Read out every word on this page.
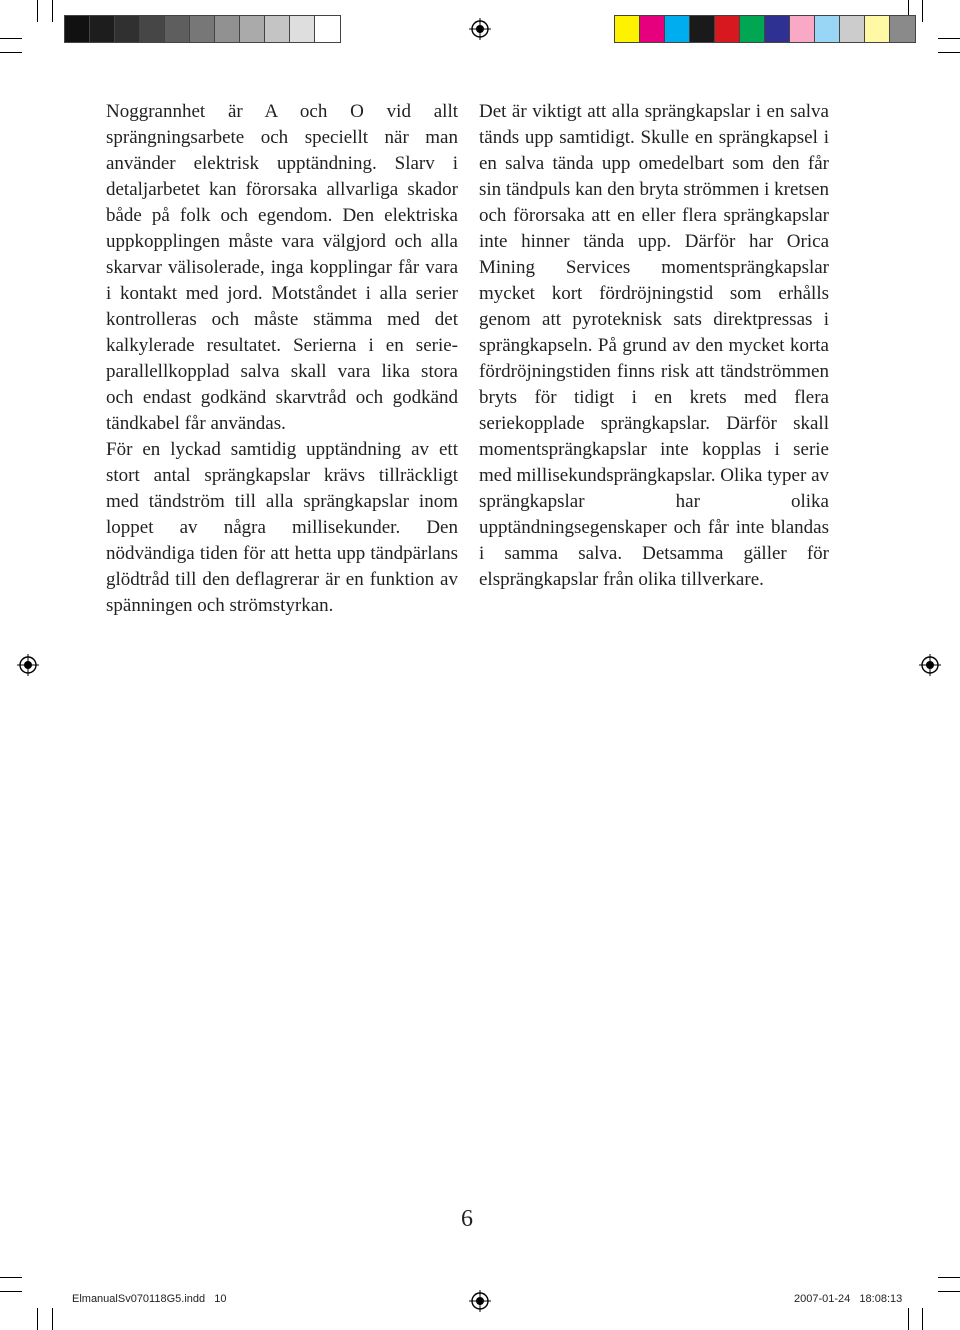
Noggrannhet är A och O vid allt sprängningsarbete och speciellt när man använder elektrisk upptändning. Slarv i detaljarbetet kan förorsaka allvarliga skador både på folk och egendom. Den elektriska uppkopplingen måste vara välgjord och alla skarvar välisolerade, inga kopplingar får vara i kontakt med jord. Motståndet i alla serier kontrolleras och måste stämma med det kalkylerade resultatet. Serierna i en serie-parallellkopplad salva skall vara lika stora och endast godkänd skarvtråd och godkänd tändkabel får användas.

För en lyckad samtidig upptändning av ett stort antal sprängkapslar krävs tillräckligt med tändström till alla sprängkapslar inom loppet av några millisekunder. Den nödvändiga tiden för att hetta upp tändpärlans glödtråd till den deflagrerar är en funktion av spänningen och strömstyrkan.

Det är viktigt att alla sprängkapslar i en salva tänds upp samtidigt. Skulle en sprängkapsel i en salva tända upp omedelbart som den får sin tändpuls kan den bryta strömmen i kretsen och förorsaka att en eller flera sprängkapslar inte hinner tända upp. Därför har Orica Mining Services momentsprängkapslar mycket kort fördröjningstid som erhålls genom att pyroteknisk sats direktpressas i sprängkapseln. På grund av den mycket korta fördröjningstiden finns risk att tändströmmen bryts för tidigt i en krets med flera seriekopplade sprängkapslar. Därför skall momentsprängkapslar inte kopplas i serie med millisekundsprängkapslar. Olika typer av sprängkapslar har olika upptändningsegenskaper och får inte blandas i samma salva. Detsamma gäller för elsprängkapslar från olika tillverkare.

6
ElmanualSv070118G5.indd   10	2007-01-24   18:08:13
